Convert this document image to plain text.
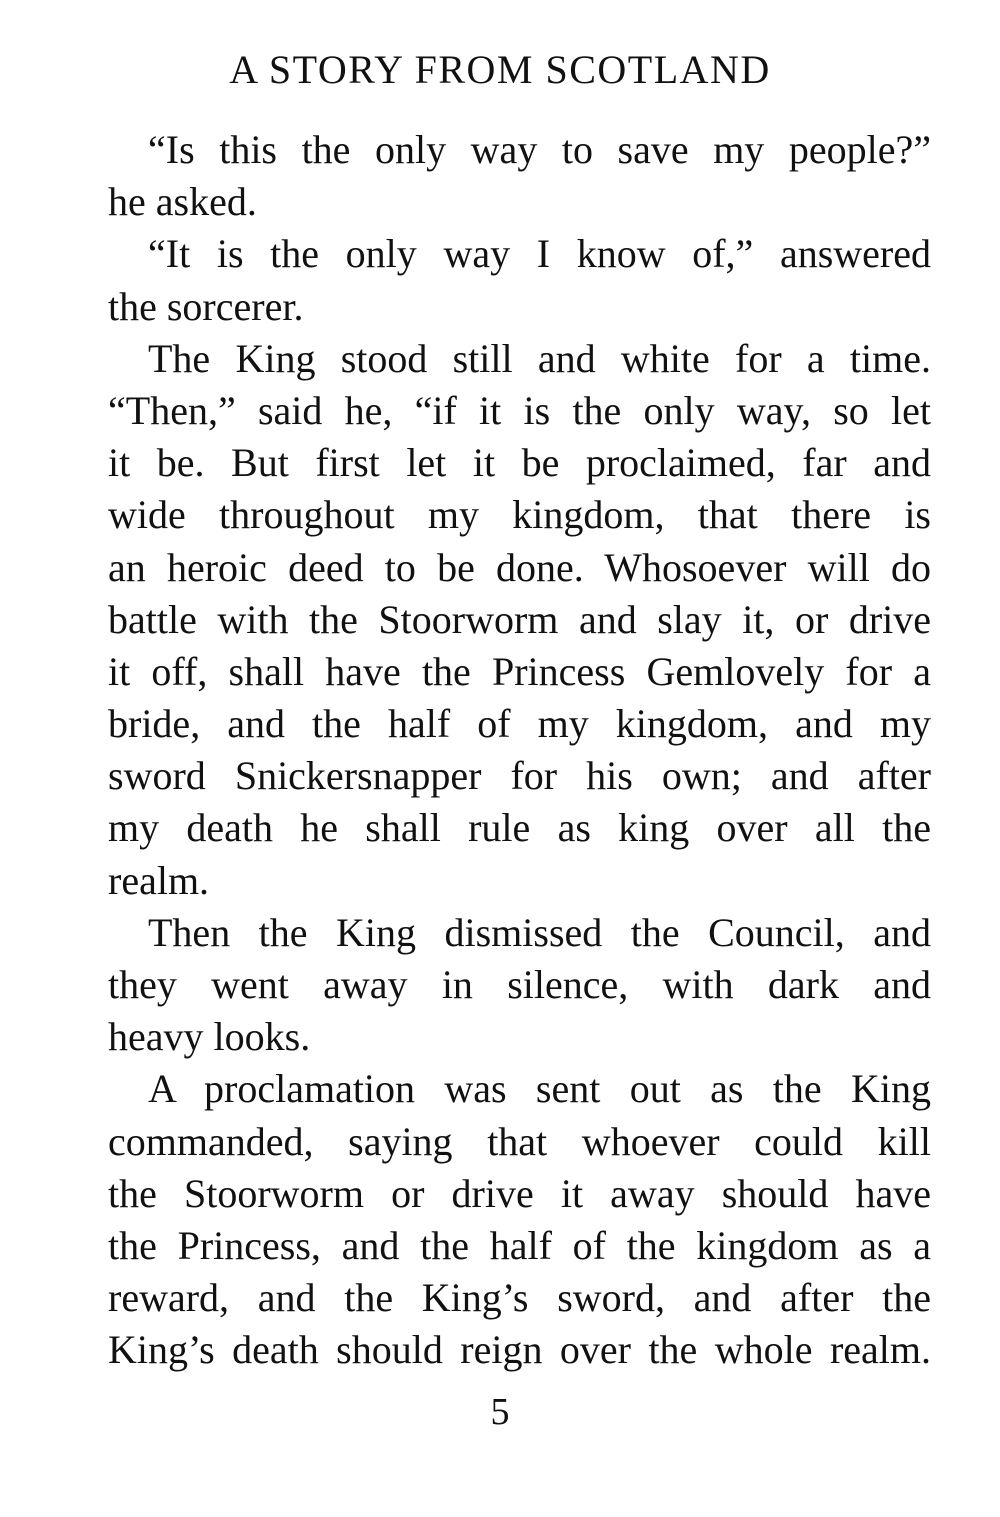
A STORY FROM SCOTLAND
“Is this the only way to save my people?”
he asked.
“It is the only way I know of,” answered
the sorcerer.
The King stood still and white for a time.
“Then,” said he, “if it is the only way, so let
it be. But first let it be proclaimed, far and
wide throughout my kingdom, that there is
an heroic deed to be done. Whosoever will do
battle with the Stoorworm and slay it, or drive
it off, shall have the Princess Gemlovely for a
bride, and the half of my kingdom, and my
sword Snickersnapper for his own; and after
my death he shall rule as king over all the
realm.
Then the King dismissed the Council, and
they went away in silence, with dark and
heavy looks.
A proclamation was sent out as the King
commanded, saying that whoever could kill
the Stoorworm or drive it away should have
the Princess, and the half of the kingdom as a
reward, and the King’s sword, and after the
King’s death should reign over the whole realm.
5
